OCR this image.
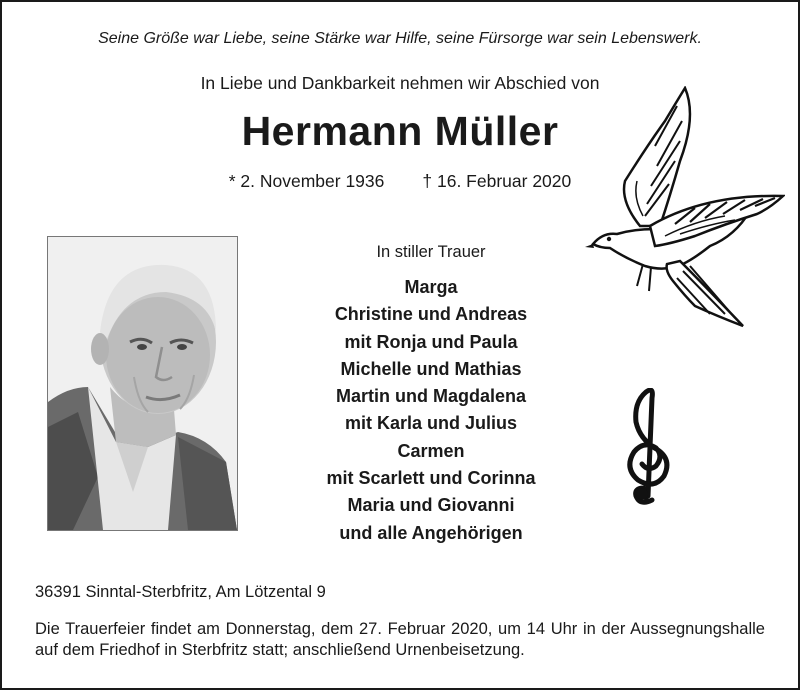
Seine Größe war Liebe, seine Stärke war Hilfe, seine Fürsorge war sein Lebenswerk.
In Liebe und Dankbarkeit nehmen wir Abschied von
Hermann Müller
* 2. November 1936 † 16. Februar 2020
In stiller Trauer
Marga
Christine und Andreas
mit Ronja und Paula
Michelle und Mathias
Martin und Magdalena
mit Karla und Julius
Carmen
mit Scarlett und Corinna
Maria und Giovanni
und alle Angehörigen
36391 Sinntal-Sterbfritz, Am Lötzental 9
Die Trauerfeier findet am Donnerstag, dem 27. Februar 2020, um 14 Uhr in der Aussegnungshalle auf dem Friedhof in Sterbfritz statt; anschließend Urnenbeisetzung.
